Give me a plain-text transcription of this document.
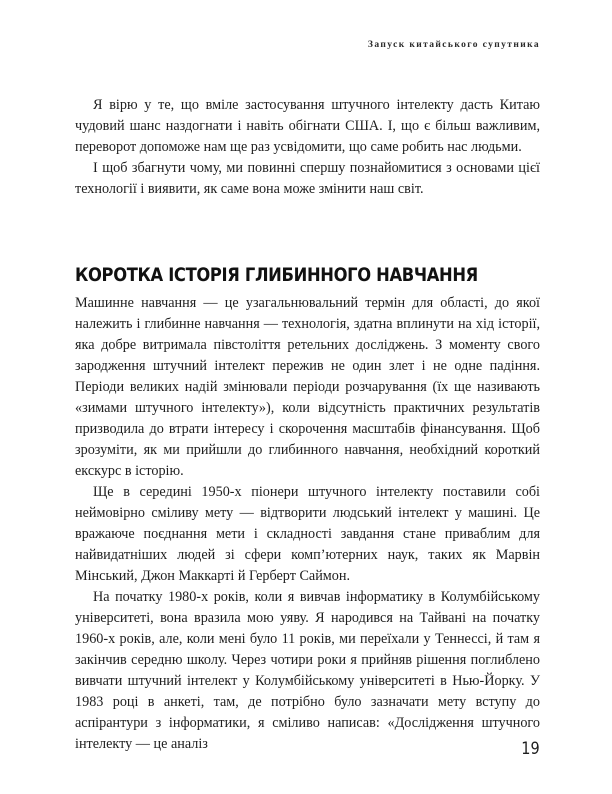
Запуск китайського супутника

Я вірю у те, що вміле застосування штучного інтелекту дасть Китаю чудовий шанс наздогнати і навіть обігнати США. І, що є більш важливим, переворот допоможе нам ще раз усвідомити, що саме робить нас людьми.

І щоб збагнути чому, ми повинні спершу познайомитися з основами цієї технології і виявити, як саме вона може змінити наш світ.

КОРОТКА ІСТОРІЯ ГЛИБИННОГО НАВЧАННЯ

Машинне навчання — це узагальнювальний термін для області, до якої належить і глибинне навчання — технологія, здатна вплинути на хід історії, яка добре витримала півстоліття ретельних досліджень. З моменту свого зародження штучний інтелект пережив не один злет і не одне падіння. Періоди великих надій змінювали періоди розчарування (їх ще називають «зимами штучного інтелекту»), коли відсутність практичних результатів призводила до втрати інтересу і скорочення масштабів фінансування. Щоб зрозуміти, як ми прийшли до глибинного навчання, необхідний короткий екскурс в історію.

Ще в середині 1950-х піонери штучного інтелекту поставили собі неймовірно сміливу мету — відтворити людський інтелект у машині. Це вражаюче поєднання мети і складності завдання стане приваблим для найвидатніших людей зі сфери комп’ютерних наук, таких як Марвін Мінський, Джон Маккарті й Герберт Саймон.

На початку 1980-х років, коли я вивчав інформатику в Колумбійському університеті, вона вразила мою уяву. Я народився на Тайвані на початку 1960-х років, але, коли мені було 11 років, ми переїхали у Теннессі, й там я закінчив середню школу. Через чотири роки я прийняв рішення поглиблено вивчати штучний інтелект у Колумбійському університеті в Нью-Йорку. У 1983 році в анкеті, там, де потрібно було зазначати мету вступу до аспірантури з інформатики, я сміливо написав: «Дослідження штучного інтелекту — це аналіз	19
